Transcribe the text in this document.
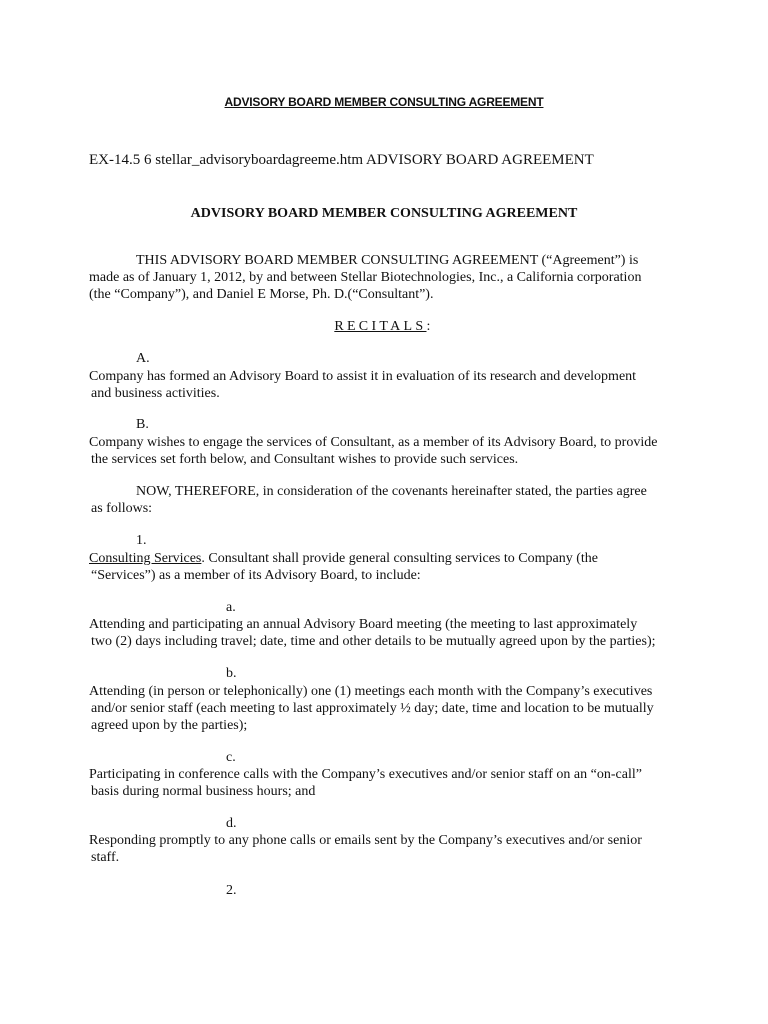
ADVISORY BOARD MEMBER CONSULTING AGREEMENT
EX-14.5 6 stellar_advisoryboardagreeme.htm ADVISORY BOARD AGREEMENT
ADVISORY BOARD MEMBER CONSULTING AGREEMENT
THIS ADVISORY BOARD MEMBER CONSULTING AGREEMENT (“Agreement”) is
made as of January 1, 2012, by and between Stellar Biotechnologies, Inc., a California corporation
(the “Company”), and Daniel E Morse, Ph. D.(“Consultant”).
RECITALS:
A.
Company has formed an Advisory Board to assist it in evaluation of its research and development
and business activities.
B.
Company wishes to engage the services of Consultant, as a member of its Advisory Board, to provide
the services set forth below, and Consultant wishes to provide such services.
NOW, THEREFORE, in consideration of the covenants hereinafter stated, the parties agree
as follows:
1.
Consulting Services. Consultant shall provide general consulting services to Company (the
“Services”) as a member of its Advisory Board, to include:
a.
Attending and participating an annual Advisory Board meeting (the meeting to last approximately
two (2) days including travel; date, time and other details to be mutually agreed upon by the parties);
b.
Attending (in person or telephonically) one (1) meetings each month with the Company’s executives
and/or senior staff (each meeting to last approximately ½ day; date, time and location to be mutually
agreed upon by the parties);
c.
Participating in conference calls with the Company’s executives and/or senior staff on an “on-call”
basis during normal business hours; and
d.
Responding promptly to any phone calls or emails sent by the Company’s executives and/or senior
staff.
2.
